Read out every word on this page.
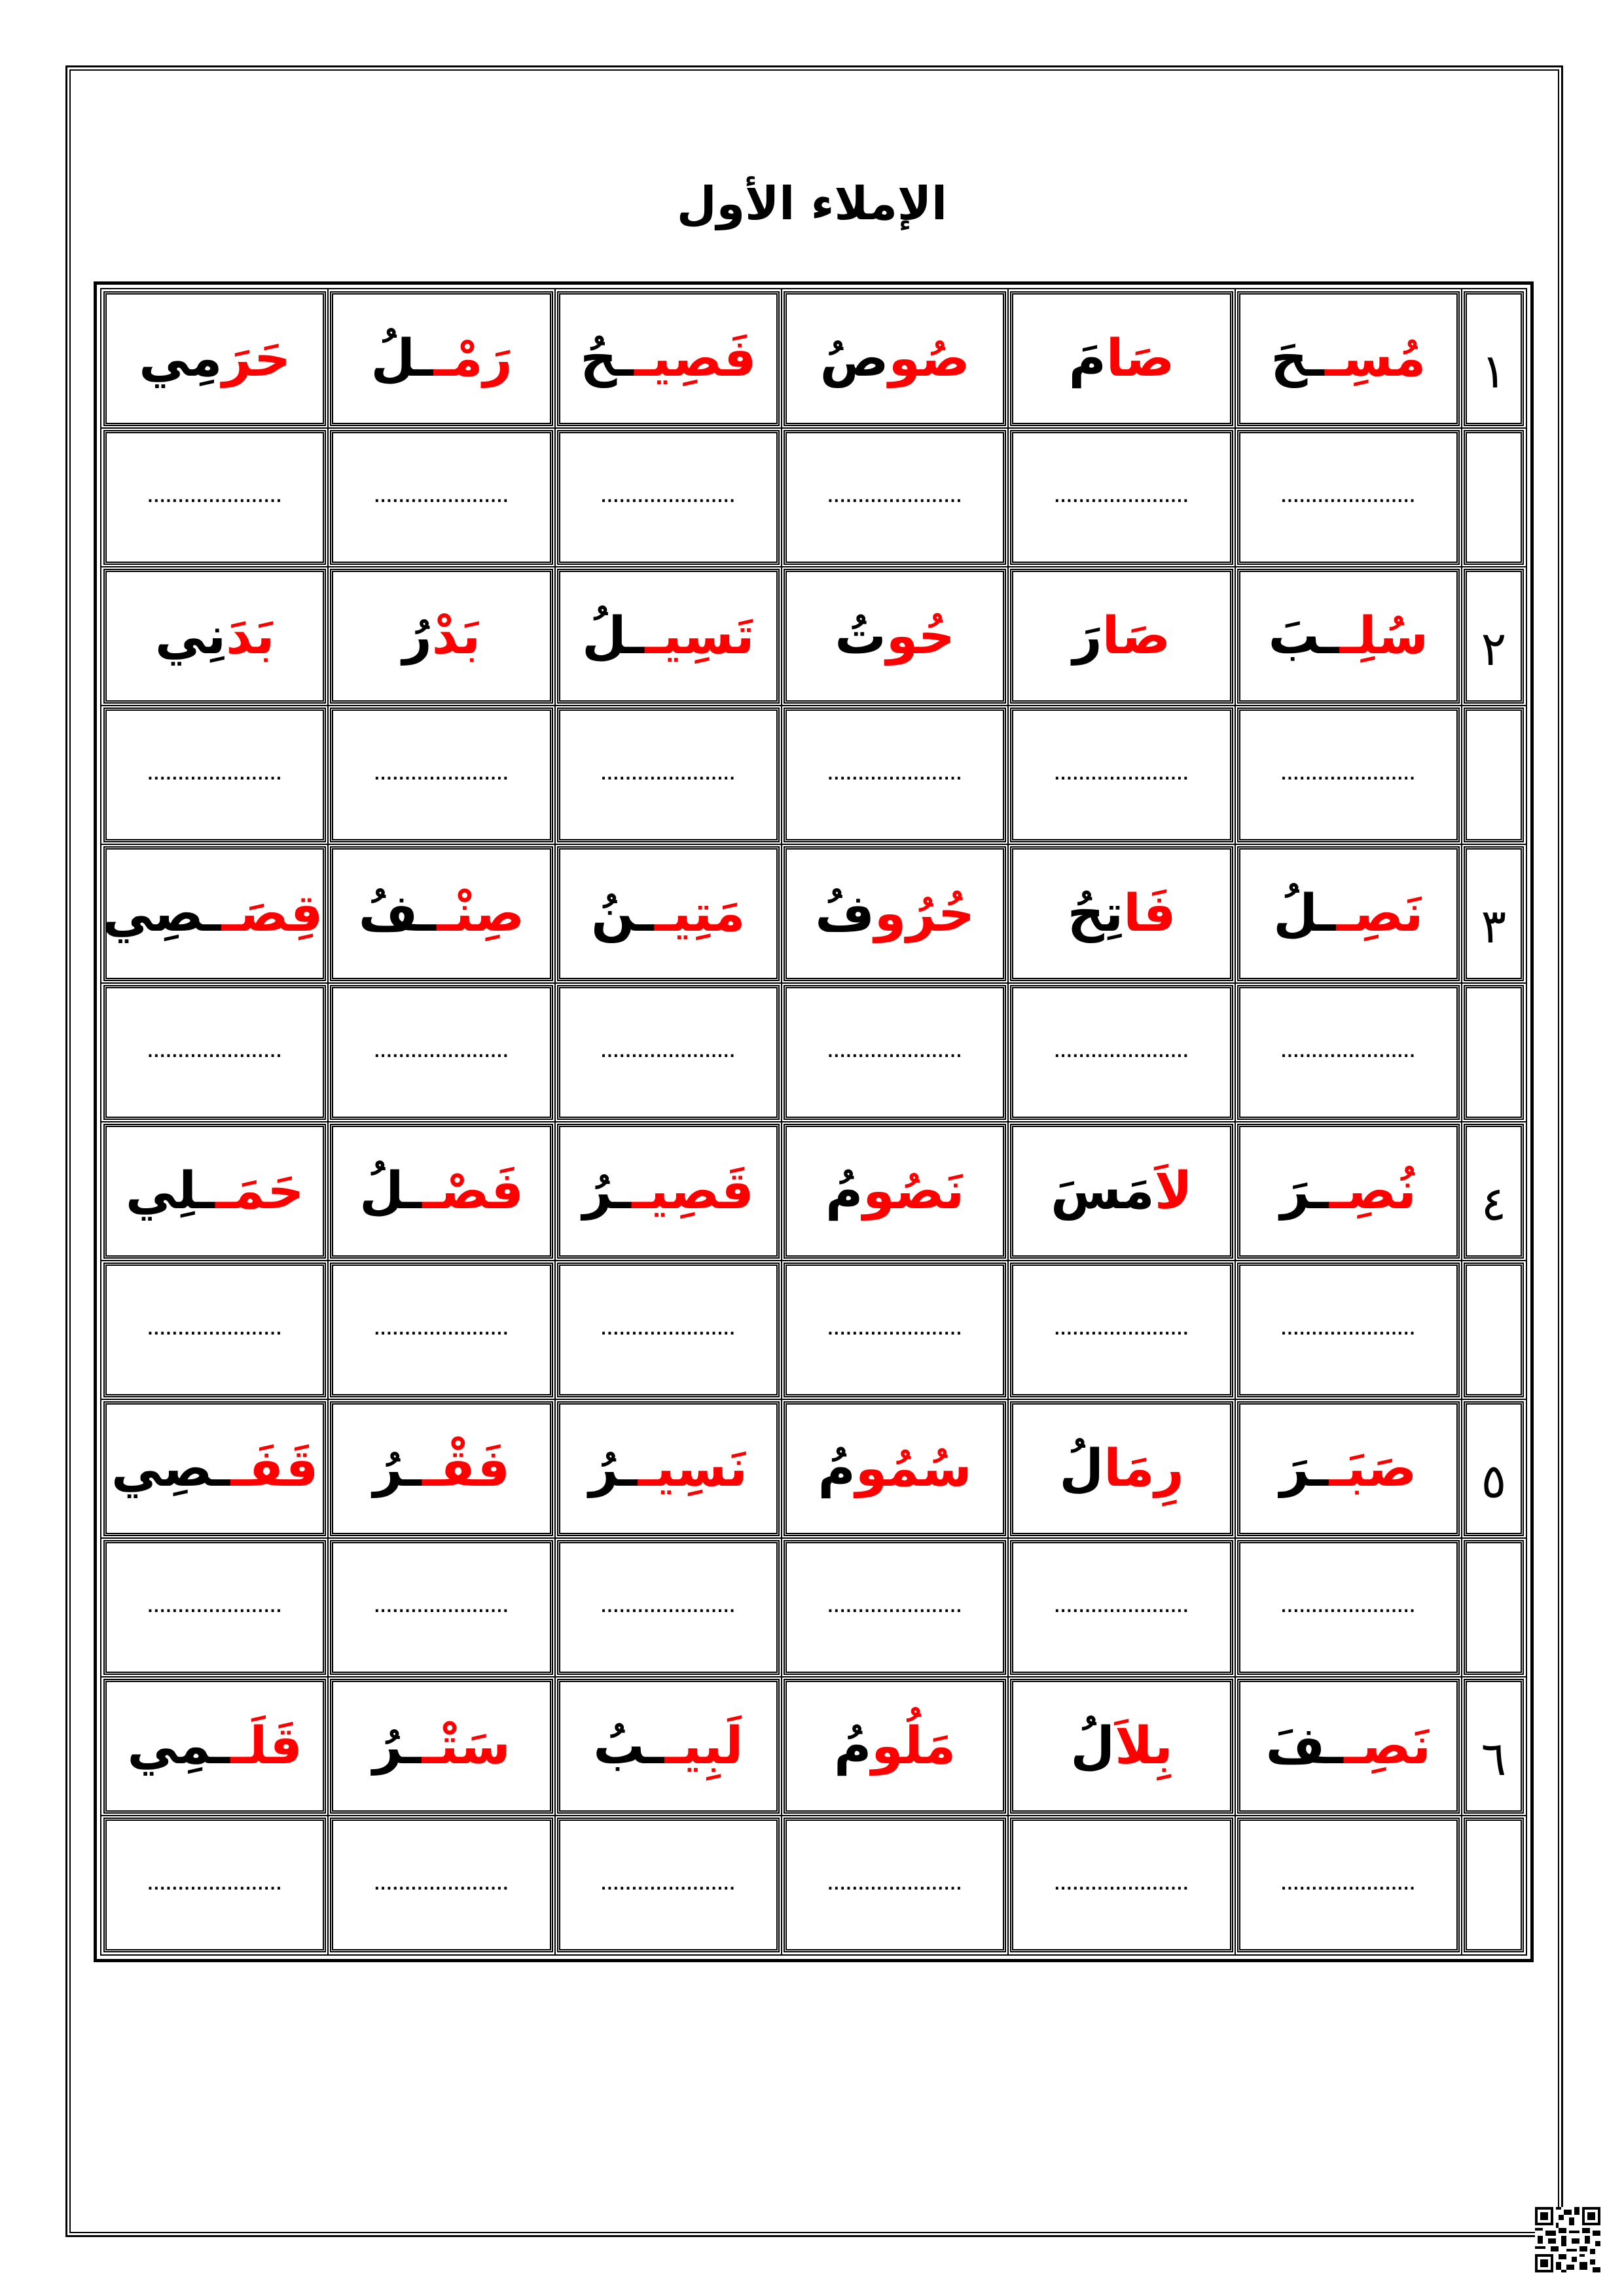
الإملاء الأول
١	مُسِــحَ	صَامَ	صُوصُ	فَصِيــحُ	رَمْــلُ	حَرَمِي
	......................	......................	......................	......................	......................	......................

٢	سُلِــبَ	صَارَ	حُوتُ	تَسِيــلُ	بَدْرُ	بَدَنِي
	......................	......................	......................	......................	......................	......................

٣	نَصِــلُ	فَاتِحُ	حُرُوفُ	مَتِيــنُ	صِنْــفُ	قِصَــصِي
	......................	......................	......................	......................	......................	......................

٤	نُصِــرَ	لاَمَسَ	نَصُومُ	قَصِيــرُ	فَصْــلُ	حَمَــلِي
	......................	......................	......................	......................	......................	......................

٥	صَبَــرَ	رِمَالُ	سُمُومُ	نَسِيــرُ	فَقْــرُ	قَفَــصِي
	......................	......................	......................	......................	......................	......................

٦	نَصِــفَ	بِلاَلُ	مَلُومُ	لَبِيــبُ	سَتْــرُ	قَلَــمِي
	......................	......................	......................	......................	......................	......................
